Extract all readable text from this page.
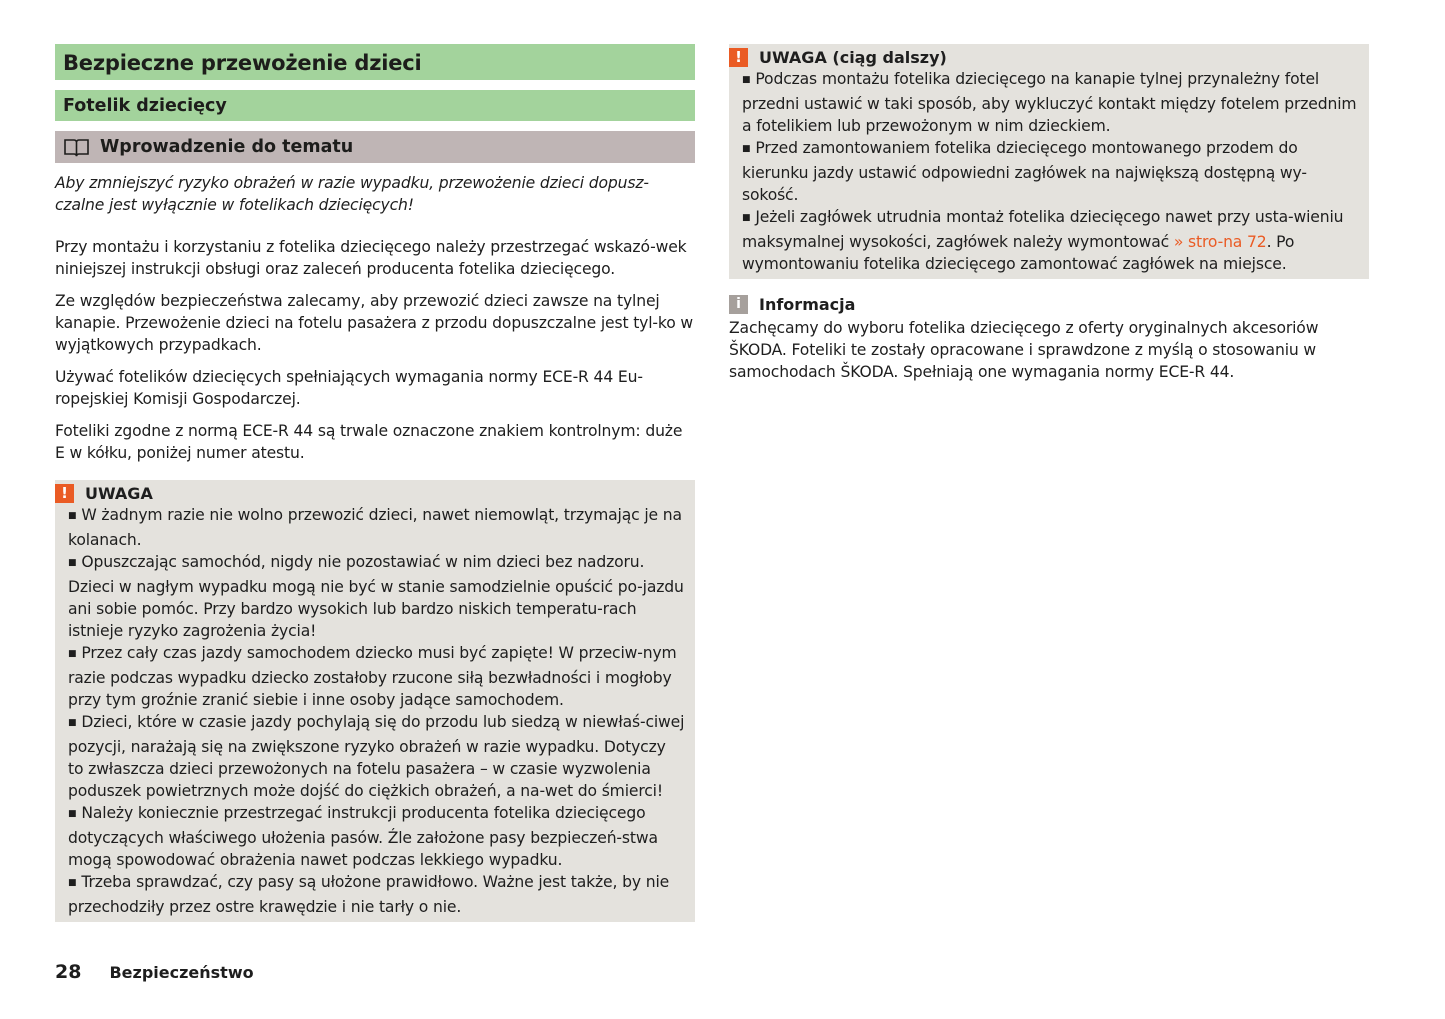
Bezpieczne przewożenie dzieci
Fotelik dziecięcy
Wprowadzenie do tematu
Aby zmniejszyć ryzyko obrażeń w razie wypadku, przewożenie dzieci dopusz-czalne jest wyłącznie w fotelikach dziecięcych!
Przy montażu i korzystaniu z fotelika dziecięcego należy przestrzegać wskazó-wek niniejszej instrukcji obsługi oraz zaleceń producenta fotelika dziecięcego.
Ze względów bezpieczeństwa zalecamy, aby przewozić dzieci zawsze na tylnej kanapie. Przewożenie dzieci na fotelu pasażera z przodu dopuszczalne jest tyl-ko w wyjątkowych przypadkach.
Używać fotelików dziecięcych spełniających wymagania normy ECE-R 44 Eu-ropejskiej Komisji Gospodarczej.
Foteliki zgodne z normą ECE-R 44 są trwale oznaczone znakiem kontrolnym: duże E w kółku, poniżej numer atestu.
!	UWAGA
■ W żadnym razie nie wolno przewozić dzieci, nawet niemowląt, trzymając je na kolanach.
■ Opuszczając samochód, nigdy nie pozostawiać w nim dzieci bez nadzoru. Dzieci w nagłym wypadku mogą nie być w stanie samodzielnie opuścić po-jazdu ani sobie pomóc. Przy bardzo wysokich lub bardzo niskich temperatu-rach istnieje ryzyko zagrożenia życia!
■ Przez cały czas jazdy samochodem dziecko musi być zapięte! W przeciw-nym razie podczas wypadku dziecko zostałoby rzucone siłą bezwładności i mogłoby przy tym groźnie zranić siebie i inne osoby jadące samochodem.
■ Dzieci, które w czasie jazdy pochylają się do przodu lub siedzą w niewłaś-ciwej pozycji, narażają się na zwiększone ryzyko obrażeń w razie wypadku. Dotyczy to zwłaszcza dzieci przewożonych na fotelu pasażera – w czasie wyzwolenia poduszek powietrznych może dojść do ciężkich obrażeń, a na-wet do śmierci!
■ Należy koniecznie przestrzegać instrukcji producenta fotelika dziecięcego dotyczących właściwego ułożenia pasów. Źle założone pasy bezpieczeń-stwa mogą spowodować obrażenia nawet podczas lekkiego wypadku.
■ Trzeba sprawdzać, czy pasy są ułożone prawidłowo. Ważne jest także, by nie przechodziły przez ostre krawędzie i nie tarły o nie.
!	UWAGA (ciąg dalszy)
■ Podczas montażu fotelika dziecięcego na kanapie tylnej przynależny fotel przedni ustawić w taki sposób, aby wykluczyć kontakt między fotelem przednim a fotelikiem lub przewożonym w nim dzieckiem.
■ Przed zamontowaniem fotelika dziecięcego montowanego przodem do kierunku jazdy ustawić odpowiedni zagłówek na największą dostępną wy-sokość.
■ Jeżeli zagłówek utrudnia montaż fotelika dziecięcego nawet przy usta-wieniu maksymalnej wysokości, zagłówek należy wymontować » stro-na 72. Po wymontowaniu fotelika dziecięcego zamontować zagłówek na miejsce.
i	Informacja
Zachęcamy do wyboru fotelika dziecięcego z oferty oryginalnych akcesoriów ŠKODA. Foteliki te zostały opracowane i sprawdzone z myślą o stosowaniu w samochodach ŠKODA. Spełniają one wymagania normy ECE-R 44.
28 Bezpieczeństwo
